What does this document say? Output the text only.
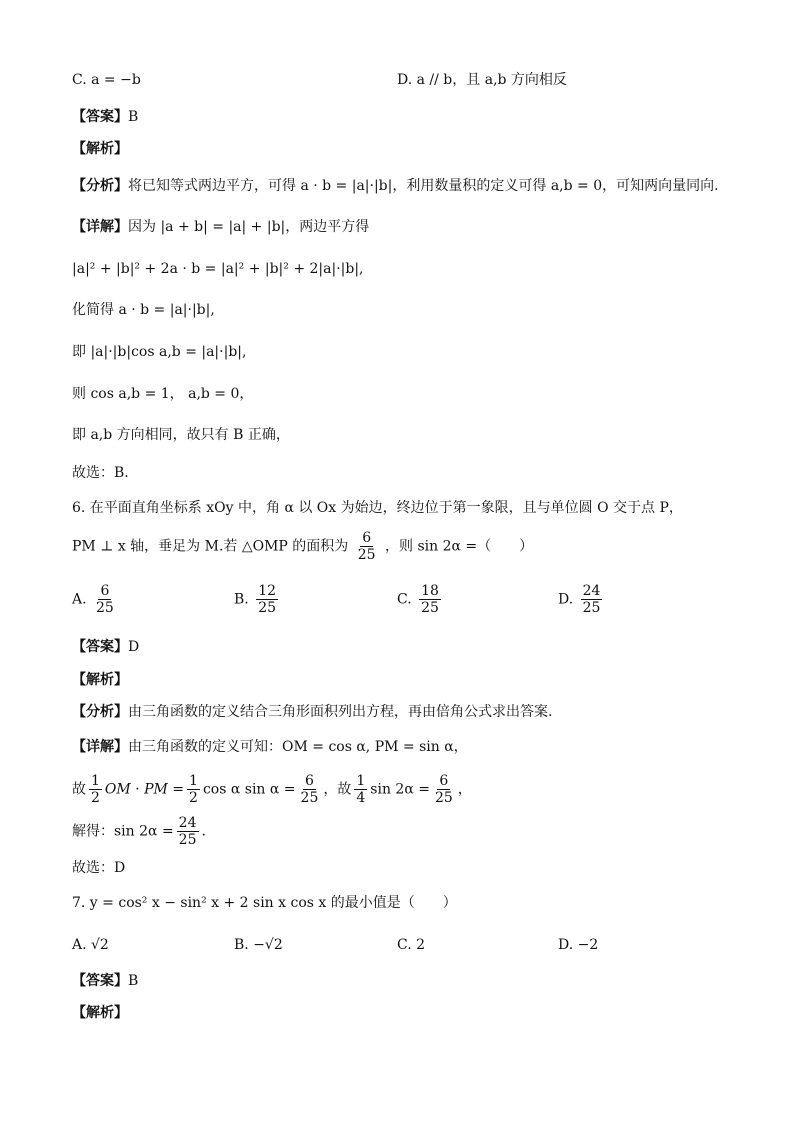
C. a = −b	D. a // b，且 a,b 方向相反
【答案】B
【解析】
【分析】将已知等式两边平方，可得 a · b = |a|·|b|，利用数量积的定义可得 a,b = 0，可知两向量同向.
【详解】因为 |a + b| = |a| + |b|，两边平方得
|a|² + |b|² + 2a · b = |a|² + |b|² + 2|a|·|b|,
化简得 a · b = |a|·|b|,
即 |a|·|b|cos a,b = |a|·|b|,
则 cos a,b = 1， a,b = 0，
即 a,b 方向相同，故只有 B 正确，
故选：B.
6. 在平面直角坐标系 xOy 中，角 α 以 Ox 为始边，终边位于第一象限，且与单位圆 O 交于点 P，
PM ⊥ x 轴，垂足为 M.若 △OMP 的面积为 $\frac{6}{25}$ ，则 sin 2α =（　　）
A. $\frac{6}{25}$	B. $\frac{12}{25}$	C. $\frac{18}{25}$	D. $\frac{24}{25}$
【答案】D
【解析】
【分析】由三角函数的定义结合三角形面积列出方程，再由倍角公式求出答案.
【详解】由三角函数的定义可知：OM = cos α, PM = sin α，
故 $\frac{1}{2}$ OM · PM = $\frac{1}{2}$ cos α $\sin \alpha = \frac{6}{25}$ ，故 $\frac{1}{4}$ $\sin 2\alpha = \frac{6}{25}$ ，
解得：$\sin 2\alpha = \frac{24}{25}$ .
故选：D
7. y = cos² x − sin² x + 2 sin x cos x 的最小值是（　　）
A. √2	B. −√2	C. 2	D. −2
【答案】B
【解析】
